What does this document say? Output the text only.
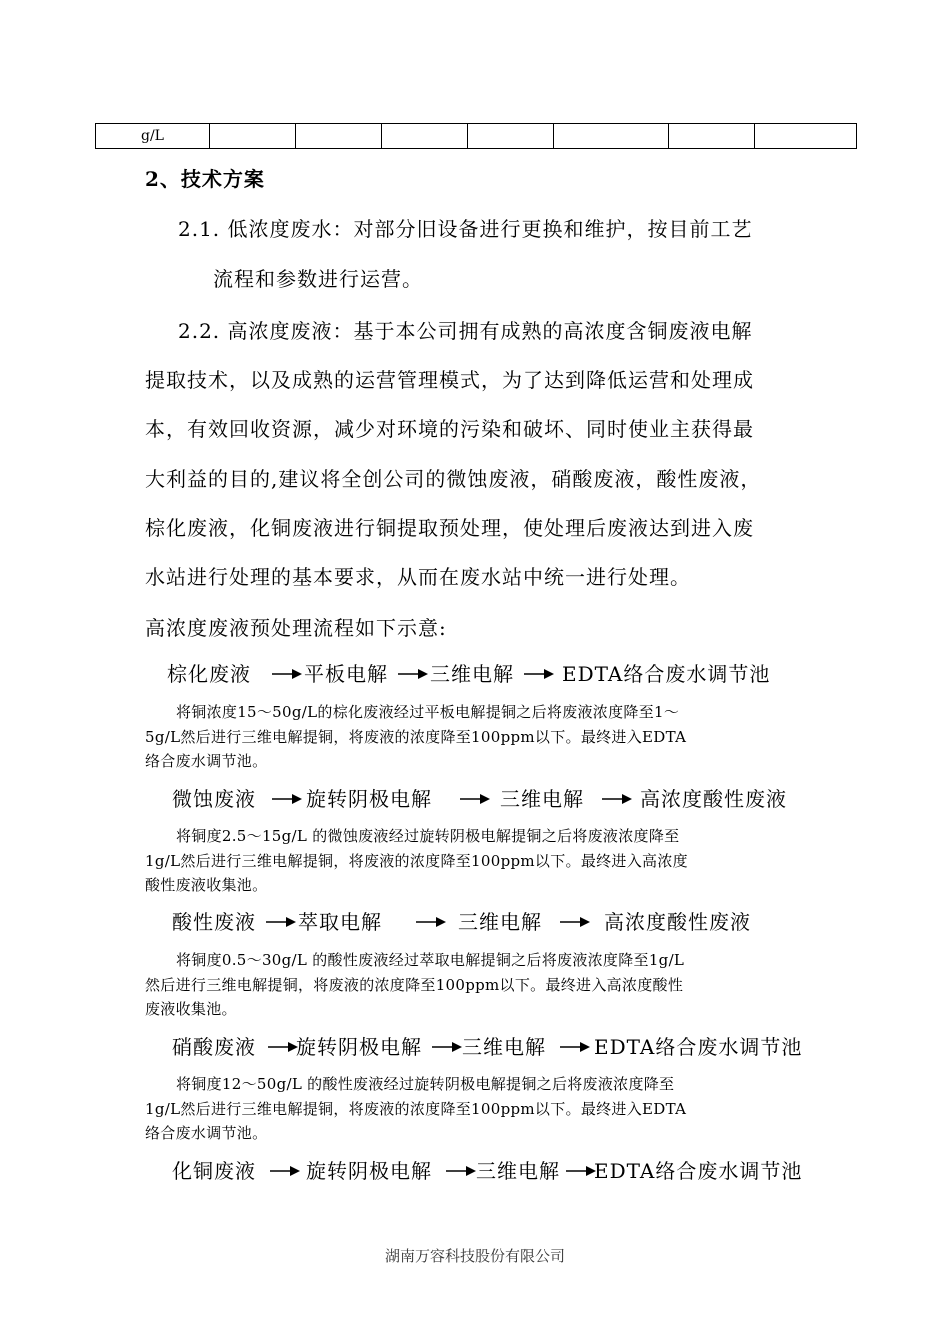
g/L							
2、技术方案
2.1. 低浓度废水：对部分旧设备进行更换和维护，按目前工艺
流程和参数进行运营。
2.2. 高浓度废液：基于本公司拥有成熟的高浓度含铜废液电解
提取技术，以及成熟的运营管理模式，为了达到降低运营和处理成
本，有效回收资源，减少对环境的污染和破坏、同时使业主获得最
大利益的目的,建议将全创公司的微蚀废液，硝酸废液，酸性废液，
棕化废液，化铜废液进行铜提取预处理，使处理后废液达到进入废
水站进行处理的基本要求，从而在废水站中统一进行处理。
高浓度废液预处理流程如下示意:
棕化废液	平板电解 三维电解 EDTA络合废水调节池
将铜浓度15～50g/L的棕化废液经过平板电解提铜之后将废液浓度降至1～
5g/L然后进行三维电解提铜，将废液的浓度降至100ppm以下。最终进入EDTA
络合废水调节池。
微蚀废液	旋转阴极电解	三维电解	高浓度酸性废液
将铜度2.5～15g/L 的微蚀废液经过旋转阴极电解提铜之后将废液浓度降至
1g/L然后进行三维电解提铜，将废液的浓度降至100ppm以下。最终进入高浓度
酸性废液收集池。
酸性废液 萃取电解	三维电解	高浓度酸性废液
将铜度0.5～30g/L 的酸性废液经过萃取电解提铜之后将废液浓度降至1g/L
然后进行三维电解提铜，将废液的浓度降至100ppm以下。最终进入高浓度酸性
废液收集池。
硝酸废液 旋转阴极电解 三维电解 EDTA络合废水调节池
将铜度12～50g/L 的酸性废液经过旋转阴极电解提铜之后将废液浓度降至
1g/L然后进行三维电解提铜，将废液的浓度降至100ppm以下。最终进入EDTA
络合废水调节池。
化铜废液	旋转阴极电解 三维电解 EDTA络合废水调节池
湖南万容科技股份有限公司
